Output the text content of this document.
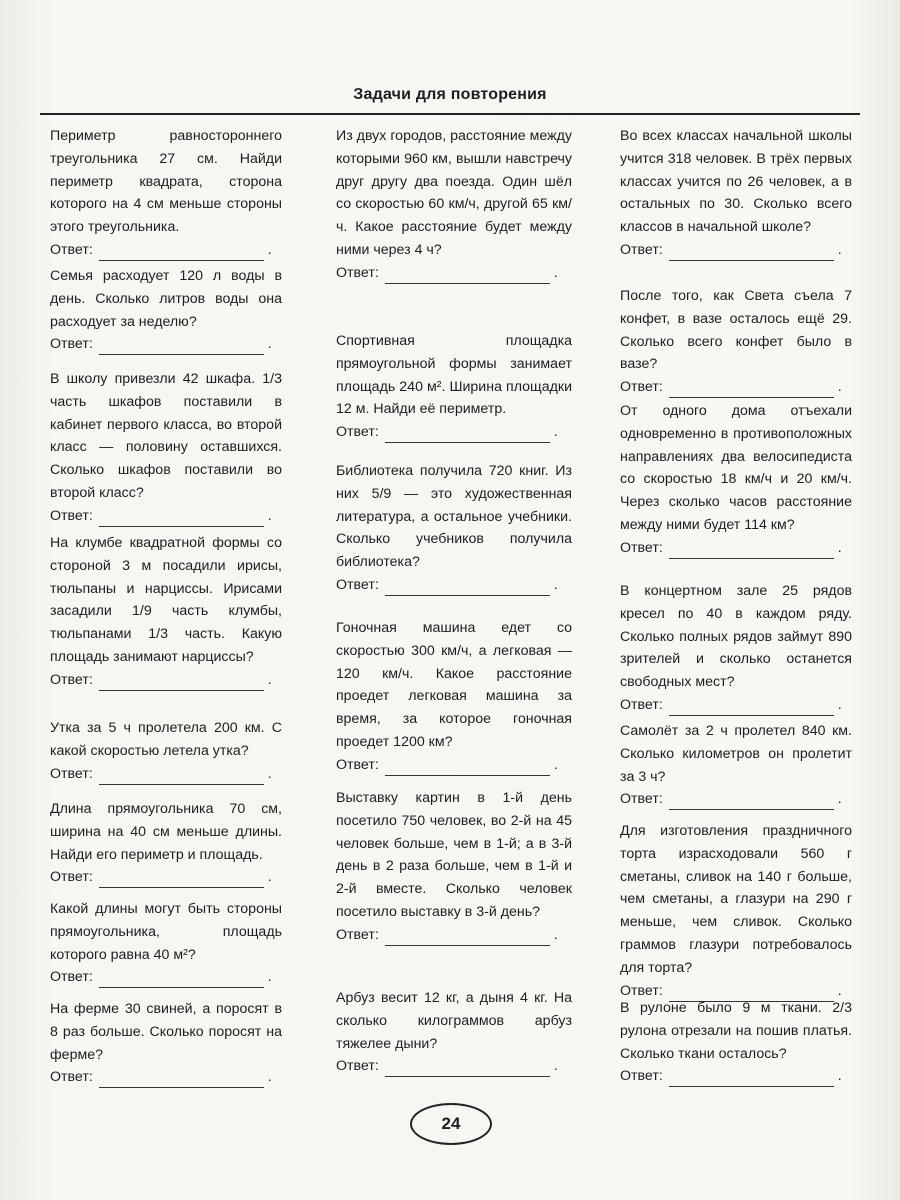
Задачи для повторения

Периметр равностороннего треугольника 27 см. Найди периметр квадрата, сторона которого на 4 см меньше стороны этого треугольника.

Ответ:	.

Семья расходует 120 л воды в день. Сколько литров воды она расходует за неделю?

Ответ:	.

В школу привезли 42 шкафа. 1/3 часть шкафов поставили в кабинет первого класса, во второй класс — половину оставшихся. Сколько шкафов поставили во второй класс?

Ответ:	.

На клумбе квадратной формы со стороной 3 м посадили ирисы, тюльпаны и нарциссы. Ирисами засадили 1/9 часть клумбы, тюльпанами 1/3 часть. Какую площадь занимают нарциссы?

Ответ:	.

Утка за 5 ч пролетела 200 км. С какой скоростью летела утка?

Ответ:	.

Длина прямоугольника 70 см, ширина на 40 см меньше длины. Найди его периметр и площадь.

Ответ:	.

Какой длины могут быть стороны прямоугольника, площадь которого равна 40 м²?

Ответ:	.

На ферме 30 свиней, а поросят в 8 раз больше. Сколько поросят на ферме?

Ответ:	.

Из двух городов, расстояние между которыми 960 км, вышли навстречу друг другу два поезда. Один шёл со скоростью 60 км/ч, другой 65 км/ч. Какое расстояние будет между ними через 4 ч?

Ответ:	.

Спортивная площадка прямоугольной формы занимает площадь 240 м². Ширина площадки 12 м. Найди её периметр.

Ответ:	.

Библиотека получила 720 книг. Из них 5/9 — это художественная литература, а остальное учебники. Сколько учебников получила библиотека?

Ответ:	.

Гоночная машина едет со скоростью 300 км/ч, а легковая — 120 км/ч. Какое расстояние проедет легковая машина за время, за которое гоночная проедет 1200 км?

Ответ:	.

Выставку картин в 1-й день посетило 750 человек, во 2-й на 45 человек больше, чем в 1-й; а в 3-й день в 2 раза больше, чем в 1-й и 2-й вместе. Сколько человек посетило выставку в 3-й день?

Ответ:	.

Арбуз весит 12 кг, а дыня 4 кг. На сколько килограммов арбуз тяжелее дыни?

Ответ:	.

Во всех классах начальной школы учится 318 человек. В трёх первых классах учится по 26 человек, а в остальных по 30. Сколько всего классов в начальной школе?

Ответ:	.

После того, как Света съела 7 конфет, в вазе осталось ещё 29. Сколько всего конфет было в вазе?

Ответ:	.

От одного дома отъехали одновременно в противоположных направлениях два велосипедиста со скоростью 18 км/ч и 20 км/ч. Через сколько часов расстояние между ними будет 114 км?

Ответ:	.

В концертном зале 25 рядов кресел по 40 в каждом ряду. Сколько полных рядов займут 890 зрителей и сколько останется свободных мест?

Ответ:	.

Самолёт за 2 ч пролетел 840 км. Сколько километров он пролетит за 3 ч?

Ответ:	.

Для изготовления праздничного торта израсходовали 560 г сметаны, сливок на 140 г больше, чем сметаны, а глазури на 290 г меньше, чем сливок. Сколько граммов глазури потребовалось для торта?

Ответ:	.

В рулоне было 9 м ткани. 2/3 рулона отрезали на пошив платья. Сколько ткани осталось?

Ответ:	.
24
